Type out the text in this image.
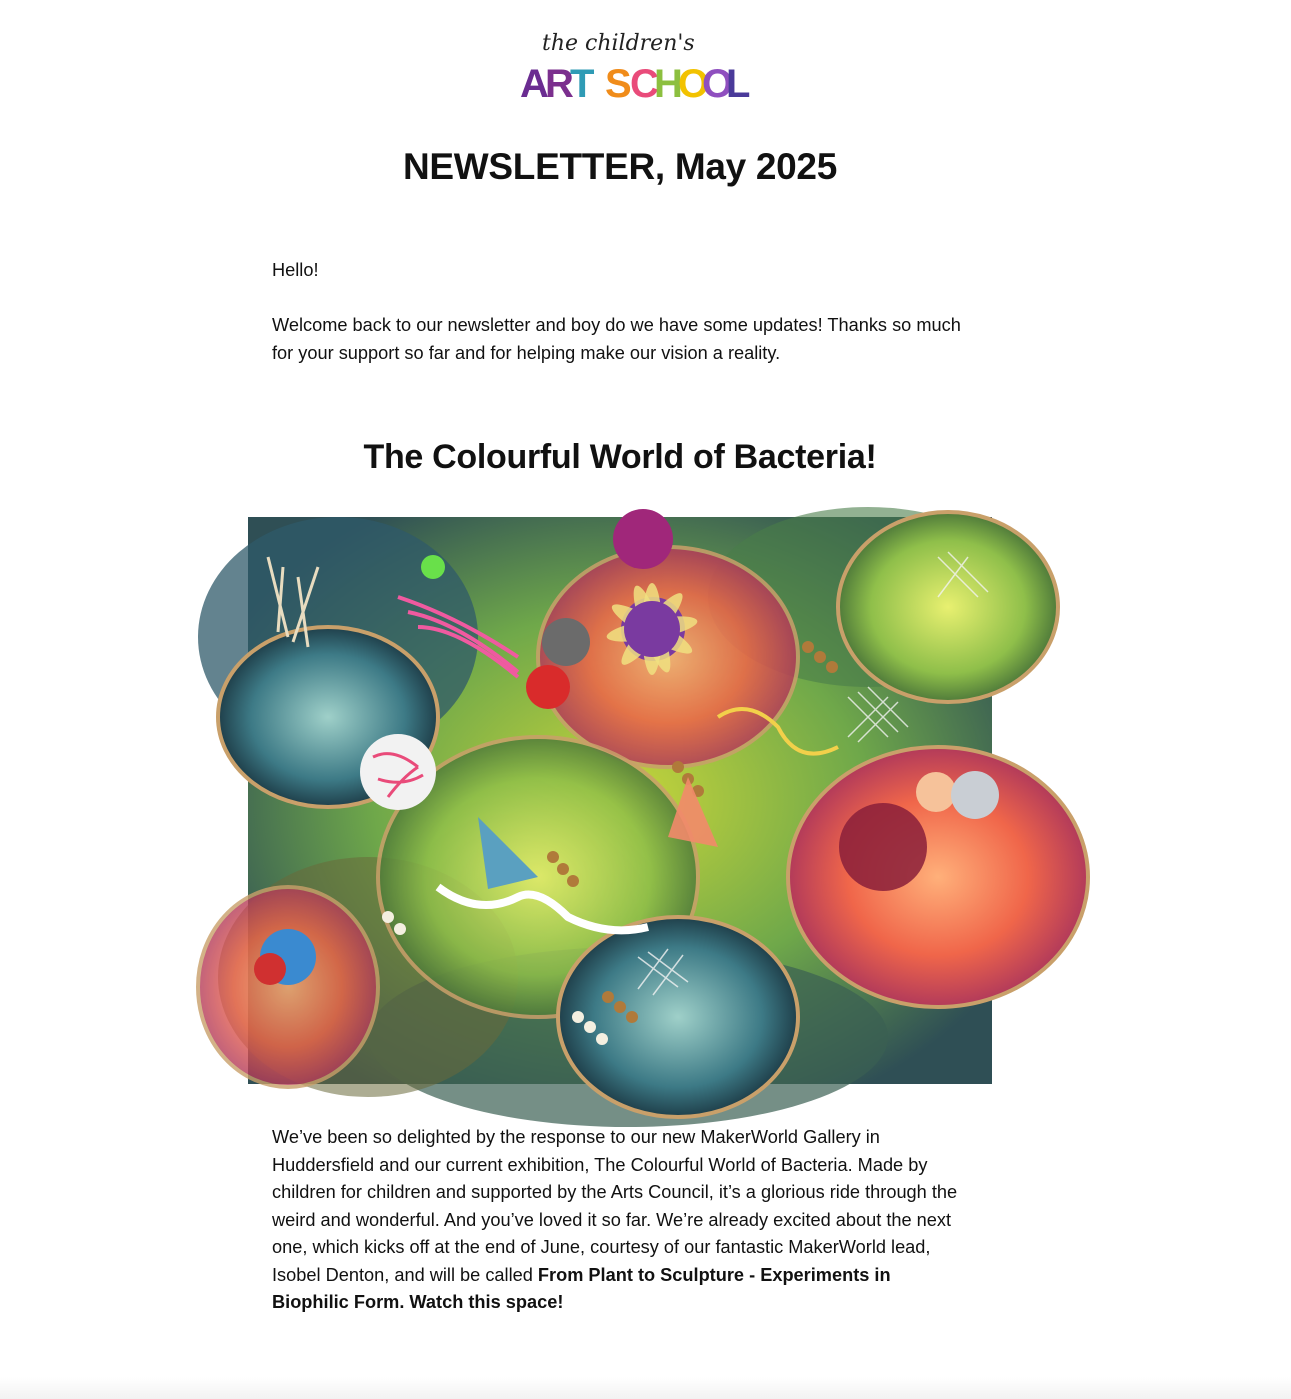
the children's
A
R
T S
C
H
O
O
L
NEWSLETTER, May 2025

Hello!

Welcome back to our newsletter and boy do we have some updates! Thanks so much for your support so far and for helping make our vision a reality.

The Colourful World of Bacteria!

We’ve been so delighted by the response to our new MakerWorld Gallery in Huddersfield and our current exhibition, The Colourful World of Bacteria. Made by children for children and supported by the Arts Council, it’s a glorious ride through the weird and wonderful. And you’ve loved it so far. We’re already excited about the next one, which kicks off at the end of June, courtesy of our fantastic MakerWorld lead, Isobel Denton, and will be called From Plant to Sculpture - Experiments in Biophilic Form. Watch this space!
